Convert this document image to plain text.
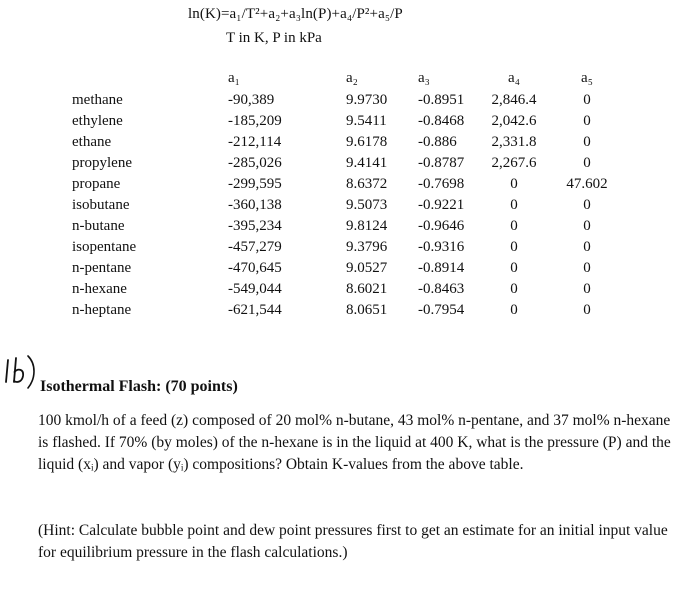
ln(K)=a₁/T²+a₂+a₃ln(P)+a₄/P²+a₅/P
T in K, P in kPa
	a₁	a₂	a₃	a₄	a₅
methane	-90,389	9.9730	-0.8951	2,846.4	0
ethylene	-185,209	9.5411	-0.8468	2,042.6	0
ethane	-212,114	9.6178	-0.886	2,331.8	0
propylene	-285,026	9.4141	-0.8787	2,267.6	0
propane	-299,595	8.6372	-0.7698	0	47.602
isobutane	-360,138	9.5073	-0.9221	0	0
n-butane	-395,234	9.8124	-0.9646	0	0
isopentane	-457,279	9.3796	-0.9316	0	0
n-pentane	-470,645	9.0527	-0.8914	0	0
n-hexane	-549,044	8.6021	-0.8463	0	0
n-heptane	-621,544	8.0651	-0.7954	0	0
Isothermal Flash: (70 points)
100 kmol/h of a feed (z) composed of 20 mol% n-butane, 43 mol% n-pentane, and 37 mol% n-hexane is flashed. If 70% (by moles) of the n-hexane is in the liquid at 400 K, what is the pressure (P) and the liquid (xᵢ) and vapor (yᵢ) compositions? Obtain K-values from the above table.
(Hint: Calculate bubble point and dew point pressures first to get an estimate for an initial input value for equilibrium pressure in the flash calculations.)
